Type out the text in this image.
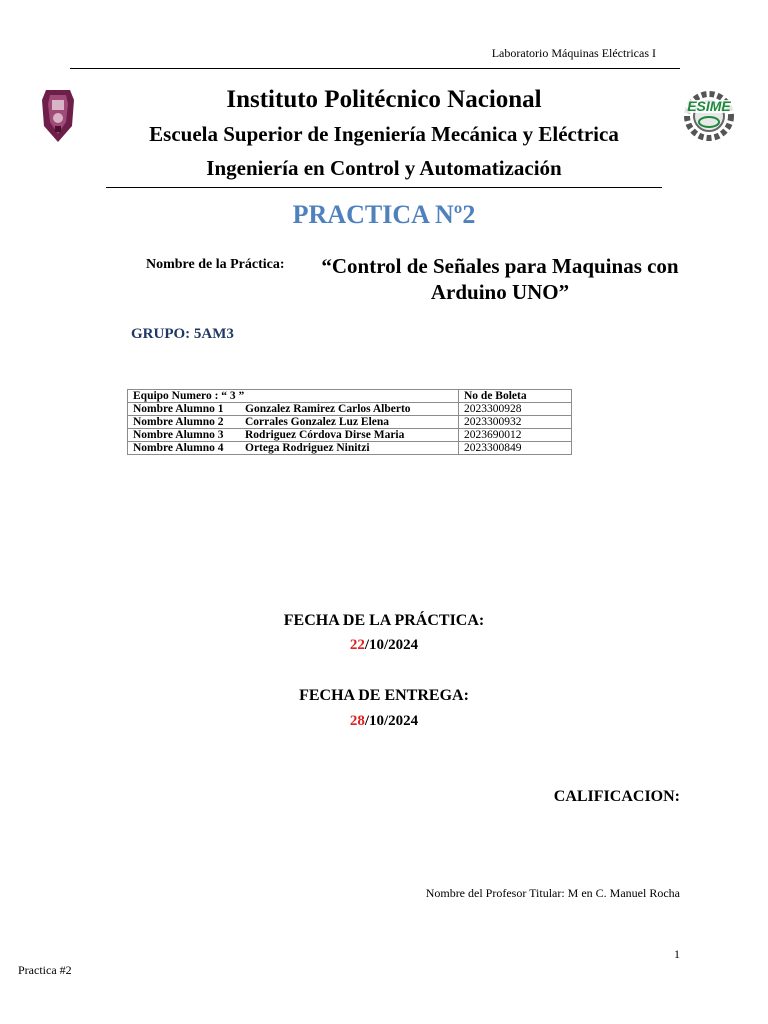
Laboratorio Máquinas Eléctricas I
ESIME
Instituto Politécnico Nacional
Escuela Superior de Ingeniería Mecánica y Eléctrica
Ingeniería en Control y Automatización
PRACTICA Nº2
Nombre de la Práctica:	“Control de Señales para Maquinas con Arduino UNO”
GRUPO: 5AM3
Equipo Numero : “ 3 ”	No de Boleta
Nombre Alumno 1 Gonzalez Ramirez Carlos Alberto	2023300928
Nombre Alumno 2 Corrales Gonzalez Luz Elena	2023300932
Nombre Alumno 3 Rodriguez Córdova Dirse Maria	2023690012
Nombre Alumno 4 Ortega Rodriguez Ninitzi	2023300849
FECHA DE LA PRÁCTICA:
22/10/2024
FECHA DE ENTREGA:
28/10/2024
CALIFICACION:
Nombre del Profesor Titular: M en C. Manuel Rocha
1
Practica #2
